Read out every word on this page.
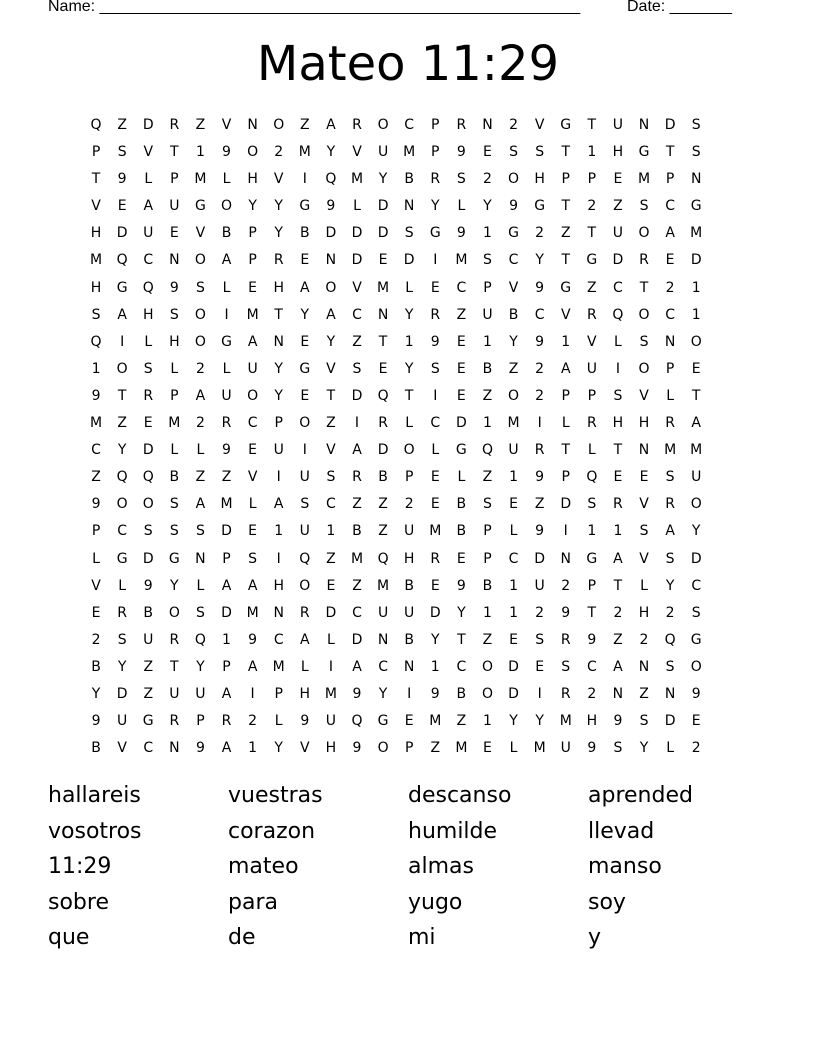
Name: ______________________________________________________	Date: _______
Mateo 11:29
Q	Z	D	R	Z	V	N	O	Z	A	R	O	C	P	R	N	2	V	G	T	U	N	D	S
P	S	V	T	1	9	O	2	M	Y	V	U	M	P	9	E	S	S	T	1	H	G	T	S
T	9	L	P	M	L	H	V	I	Q	M	Y	B	R	S	2	O	H	P	P	E	M	P	N
V	E	A	U	G	O	Y	Y	G	9	L	D	N	Y	L	Y	9	G	T	2	Z	S	C	G
H	D	U	E	V	B	P	Y	B	D	D	D	S	G	9	1	G	2	Z	T	U	O	A	M
M	Q	C	N	O	A	P	R	E	N	D	E	D	I	M	S	C	Y	T	G	D	R	E	D
H	G	Q	9	S	L	E	H	A	O	V	M	L	E	C	P	V	9	G	Z	C	T	2	1
S	A	H	S	O	I	M	T	Y	A	C	N	Y	R	Z	U	B	C	V	R	Q	O	C	1
Q	I	L	H	O	G	A	N	E	Y	Z	T	1	9	E	1	Y	9	1	V	L	S	N	O
1	O	S	L	2	L	U	Y	G	V	S	E	Y	S	E	B	Z	2	A	U	I	O	P	E
9	T	R	P	A	U	O	Y	E	T	D	Q	T	I	E	Z	O	2	P	P	S	V	L	T
M	Z	E	M	2	R	C	P	O	Z	I	R	L	C	D	1	M	I	L	R	H	H	R	A
C	Y	D	L	L	9	E	U	I	V	A	D	O	L	G	Q	U	R	T	L	T	N	M	M
Z	Q	Q	B	Z	Z	V	I	U	S	R	B	P	E	L	Z	1	9	P	Q	E	E	S	U
9	O	O	S	A	M	L	A	S	C	Z	Z	2	E	B	S	E	Z	D	S	R	V	R	O
P	C	S	S	S	D	E	1	U	1	B	Z	U	M	B	P	L	9	I	1	1	S	A	Y
L	G	D	G	N	P	S	I	Q	Z	M	Q	H	R	E	P	C	D	N	G	A	V	S	D
V	L	9	Y	L	A	A	H	O	E	Z	M	B	E	9	B	1	U	2	P	T	L	Y	C
E	R	B	O	S	D	M	N	R	D	C	U	U	D	Y	1	1	2	9	T	2	H	2	S
2	S	U	R	Q	1	9	C	A	L	D	N	B	Y	T	Z	E	S	R	9	Z	2	Q	G
B	Y	Z	T	Y	P	A	M	L	I	A	C	N	1	C	O	D	E	S	C	A	N	S	O
Y	D	Z	U	U	A	I	P	H	M	9	Y	I	9	B	O	D	I	R	2	N	Z	N	9
9	U	G	R	P	R	2	L	9	U	Q	G	E	M	Z	1	Y	Y	M	H	9	S	D	E
B	V	C	N	9	A	1	Y	V	H	9	O	P	Z	M	E	L	M	U	9	S	Y	L	2
hallareis	vuestras	descanso	aprended
vosotros	corazon	humilde	llevad
11:29	mateo	almas	manso
sobre	para	yugo	soy
que	de	mi	y
